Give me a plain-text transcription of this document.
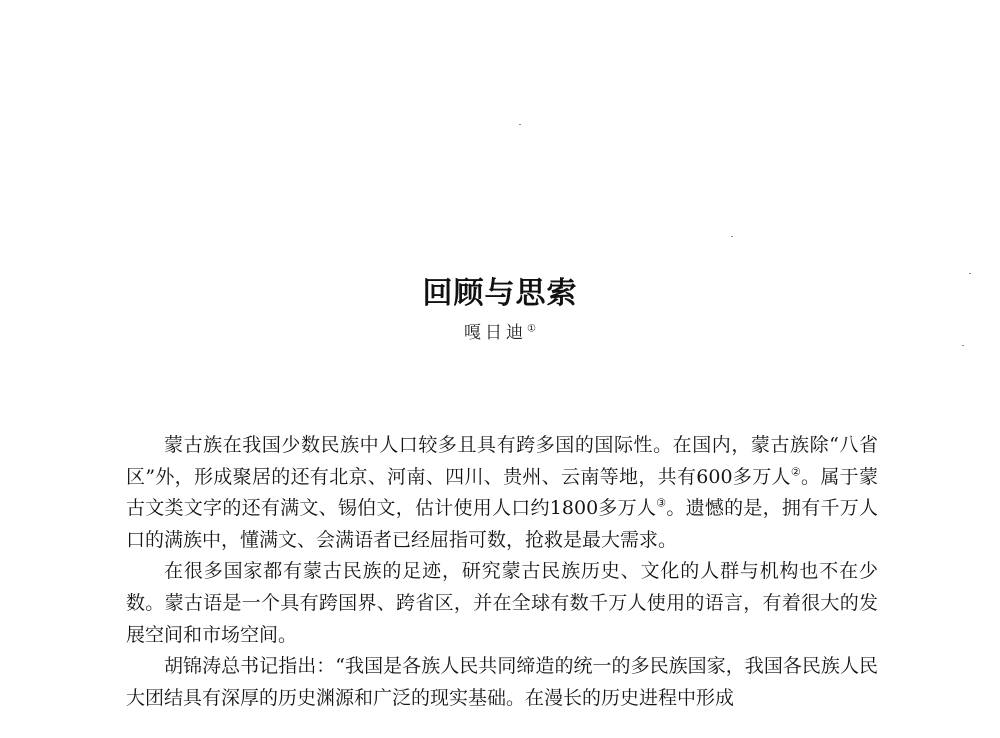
回顾与思索
嘎日迪①

蒙古族在我国少数民族中人口较多且具有跨多国的国际性。在国内，蒙古族除“八省区”外，形成聚居的还有北京、河南、四川、贵州、云南等地，共有600多万人②。属于蒙古文类文字的还有满文、锡伯文，估计使用人口约1800多万人③。遗憾的是，拥有千万人口的满族中，懂满文、会满语者已经屈指可数，抢救是最大需求。

在很多国家都有蒙古民族的足迹，研究蒙古民族历史、文化的人群与机构也不在少数。蒙古语是一个具有跨国界、跨省区，并在全球有数千万人使用的语言，有着很大的发展空间和市场空间。

胡锦涛总书记指出：“我国是各族人民共同缔造的统一的多民族国家，我国各民族人民大团结具有深厚的历史渊源和广泛的现实基础。在漫长的历史进程中形成
